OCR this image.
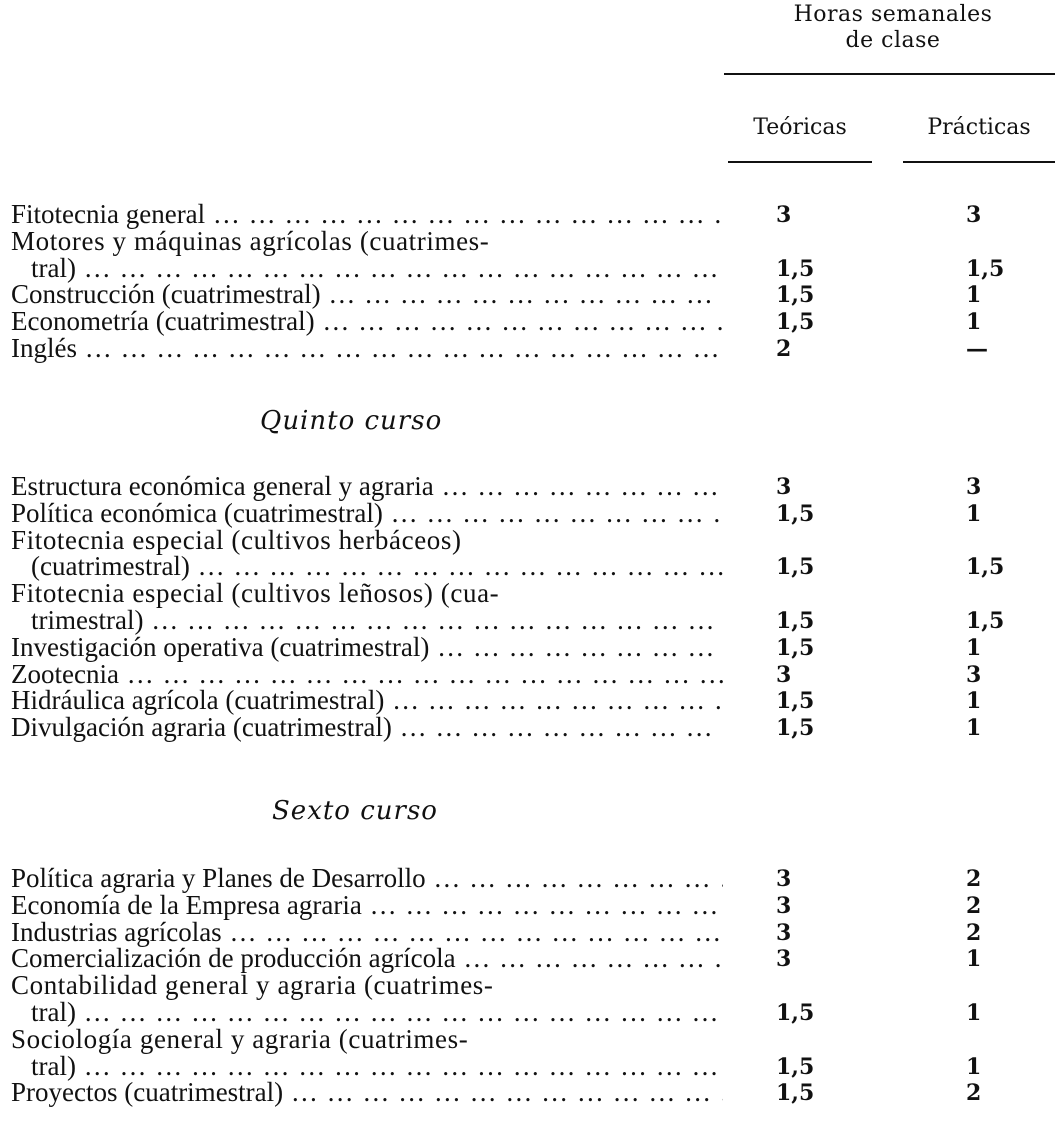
Horas semanales
de clase
Teóricas	Prácticas
Fitotecnia general … … … … … … … … … … … … … … … … … … … … … … … … … … … … … … … … … … … …	3	3
Motores y máquinas agrícolas (cuatrimes-
tral) … … … … … … … … … … … … … … … … … … … … … … … … … … … … … … … … … … … …	1,5	1,5
Construcción (cuatrimestral) … … … … … … … … … … … … … … … … … … … … … … … … … … … … … … … … … … … …	1,5	1
Econometría (cuatrimestral) … … … … … … … … … … … … … … … … … … … … … … … … … … … … … … … … … … … …	1,5	1
Inglés … … … … … … … … … … … … … … … … … … … … … … … … … … … … … … … … … … … …	2	—
Quinto curso
Estructura económica general y agraria … … … … … … … … … … … … … … … … … … … … … … … … … … … … … … … … … … … …	3	3
Política económica (cuatrimestral) … … … … … … … … … … … … … … … … … … … … … … … … … … … … … … … … … … … …	1,5	1
Fitotecnia especial (cultivos herbáceos)
(cuatrimestral) … … … … … … … … … … … … … … … … … … … … … … … … … … … … … … … … … … … …	1,5	1,5
Fitotecnia especial (cultivos leñosos) (cua-
trimestral) … … … … … … … … … … … … … … … … … … … … … … … … … … … … … … … … … … … …	1,5	1,5
Investigación operativa (cuatrimestral) … … … … … … … … … … … … … … … … … … … … … … … … … … … … … … … … … … … …	1,5	1
Zootecnia … … … … … … … … … … … … … … … … … … … … … … … … … … … … … … … … … … … …	3	3
Hidráulica agrícola (cuatrimestral) … … … … … … … … … … … … … … … … … … … … … … … … … … … … … … … … … … … …	1,5	1
Divulgación agraria (cuatrimestral) … … … … … … … … … … … … … … … … … … … … … … … … … … … … … … … … … … … …	1,5	1
Sexto curso
Política agraria y Planes de Desarrollo … … … … … … … … … … … … … … … … … … … … … … … … … … … … … … … … … … … …	3	2
Economía de la Empresa agraria … … … … … … … … … … … … … … … … … … … … … … … … … … … … … … … … … … … …	3	2
Industrias agrícolas … … … … … … … … … … … … … … … … … … … … … … … … … … … … … … … … … … … …	3	2
Comercialización de producción agrícola … … … … … … … … … … … … … … … … … … … … … … … … … … … … … … … … … … … …	3	1
Contabilidad general y agraria (cuatrimes-
tral) … … … … … … … … … … … … … … … … … … … … … … … … … … … … … … … … … … … …	1,5	1
Sociología general y agraria (cuatrimes-
tral) … … … … … … … … … … … … … … … … … … … … … … … … … … … … … … … … … … … …	1,5	1
Proyectos (cuatrimestral) … … … … … … … … … … … … … … … … … … … … … … … … … … … … … … … … … … … …	1,5	2
